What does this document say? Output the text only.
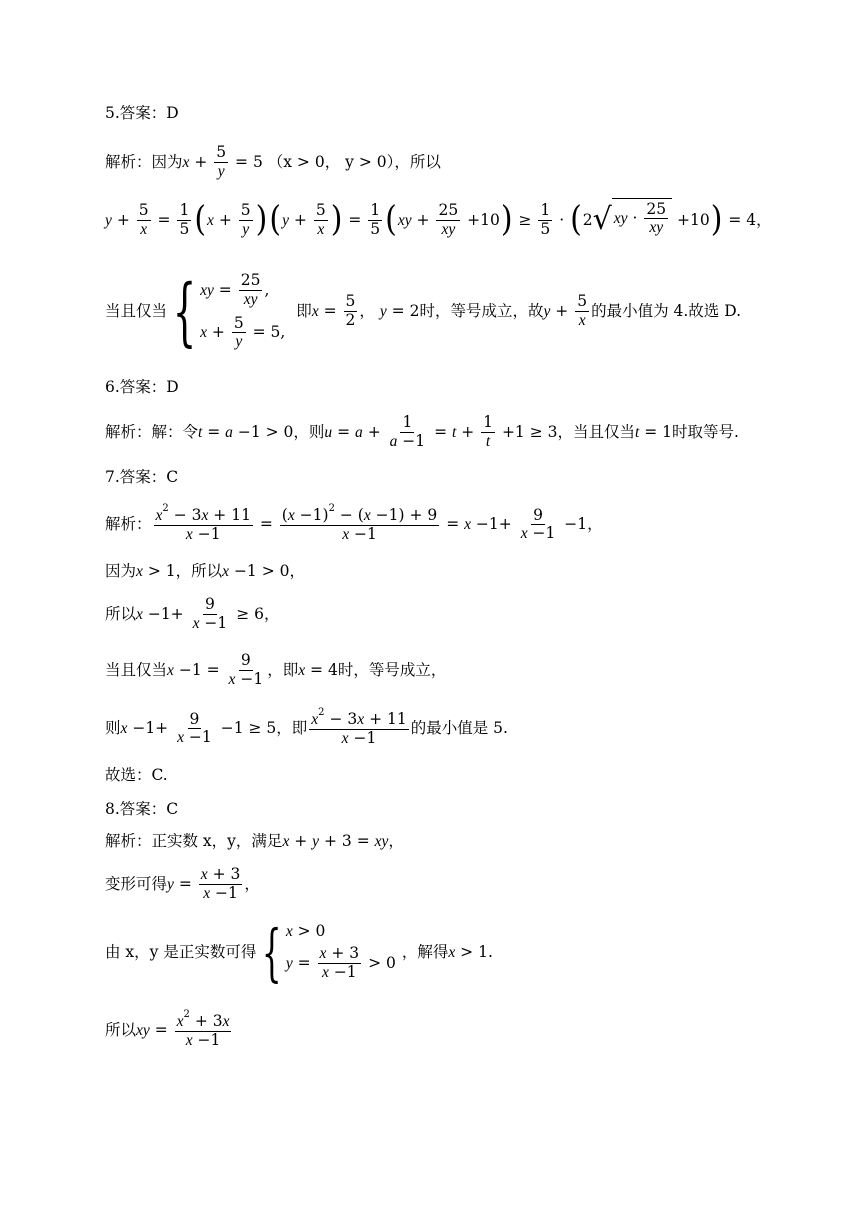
5.答案：D
解析：因为 $x + \frac{5}{y} = 5$ （x > 0， y > 0），所以
$y + \frac{5}{x} = \frac{1}{5}$ ( $x + \frac{5}{y}$ ) ( $y + \frac{5}{x}$ ) = $\frac{1}{5}$ ( xy + $\frac{25}{xy} +10$ ) ≥ $\frac{1}{5}$ · ( 2 √ xy · $\frac{25}{xy} +10$ )
= 4，
当且仅当 { xy = $\frac{25}{xy}$ ,
$x + \frac{5}{y} = 5$,

即 $x = \frac{5}{2}$ ， y = 2 时，等号成立，故 $y + \frac{5}{x}$ 的最小值为 4.故选 D.
6.答案：D
解析：解：令 t = a −1 > 0 ，则 $u = a + \frac{1}{a -1} = t + \frac{1}{t} +1 \ge 3$ ，当且仅当 t = 1 时取等号.
7.答案：C
解析： $\frac{x^2 - 3x + 11}{x -1} = \frac{(x -1)^2 - (x -1) + 9}{x -1} = x -1+ \frac{9}{x -1} -1$，
因为 x > 1 ，所以 x −1 > 0，
所以 $x -1+ \frac{9}{x -1} \ge 6$，
当且仅当 $x -1 = \frac{9}{x -1}$ ，即 x = 4 时，等号成立，
则 $x -1+ \frac{9}{x -1} -1 \ge 5$ ，即 $\frac{x^2 - 3x + 11}{x -1}$ 的最小值是 5.
故选：C.
8.答案：C
解析：正实数 x，y，满足 x + y + 3 = xy ，
变形可得 $y = \frac{x + 3}{x -1}$ ，
由 x，y 是正实数可得 { x > 0
$y = \frac{x + 3}{x -1} > 0$
，解得 x > 1.
所以 xy = $\frac{x^2 + 3x}{x -1}$
